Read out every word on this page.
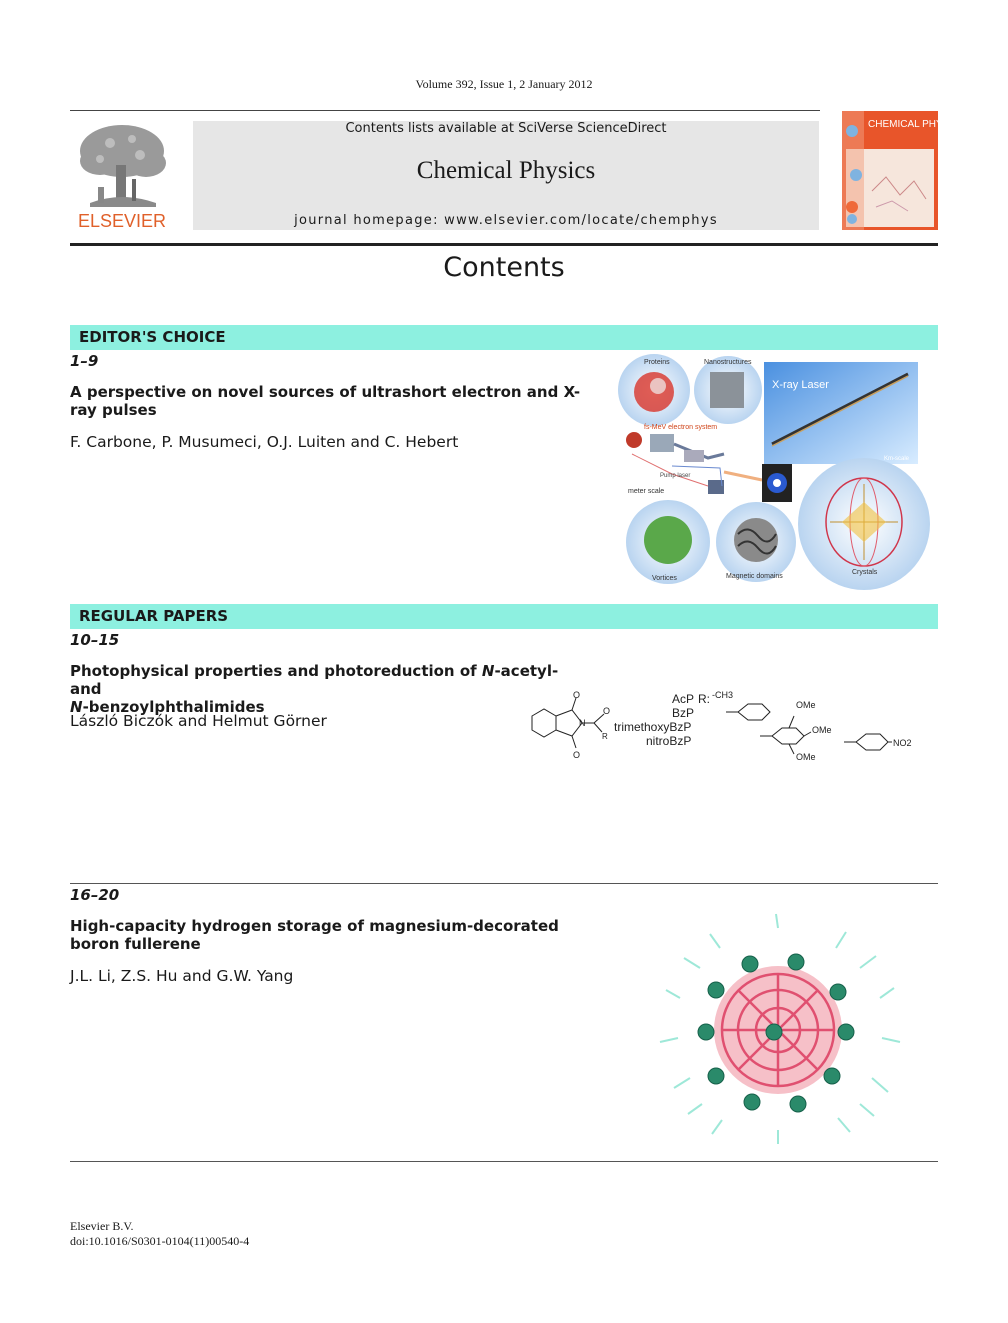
Volume 392, Issue 1, 2 January 2012
ELSEVIER
Contents lists available at SciVerse ScienceDirect
Chemical Physics
journal homepage: www.elsevier.com/locate/chemphys
CHEMICAL PHYSICS
Contents
EDITOR'S CHOICE
1–9
A perspective on novel sources of ultrashort electron and X-ray pulses
F. Carbone, P. Musumeci, O.J. Luiten and C. Hebert
Proteins	Nanostructures
X-ray Laser
Km-scale
fs-MeV electron system
Pump laser
meter scale
Vortices	Magnetic domains
Crystals
REGULAR PAPERS
10–15
Photophysical properties and photoreduction of N-acetyl- and
N-benzoylphthalimides
László Biczók and Helmut Görner
O
O
N
O
R
AcP R: -CH3
BzP
trimethoxyBzP
nitroBzP
OMe
OMe
OMe
NO2
16–20
High-capacity hydrogen storage of magnesium-decorated boron fullerene
J.L. Li, Z.S. Hu and G.W. Yang
Elsevier B.V.
doi:10.1016/S0301-0104(11)00540-4
